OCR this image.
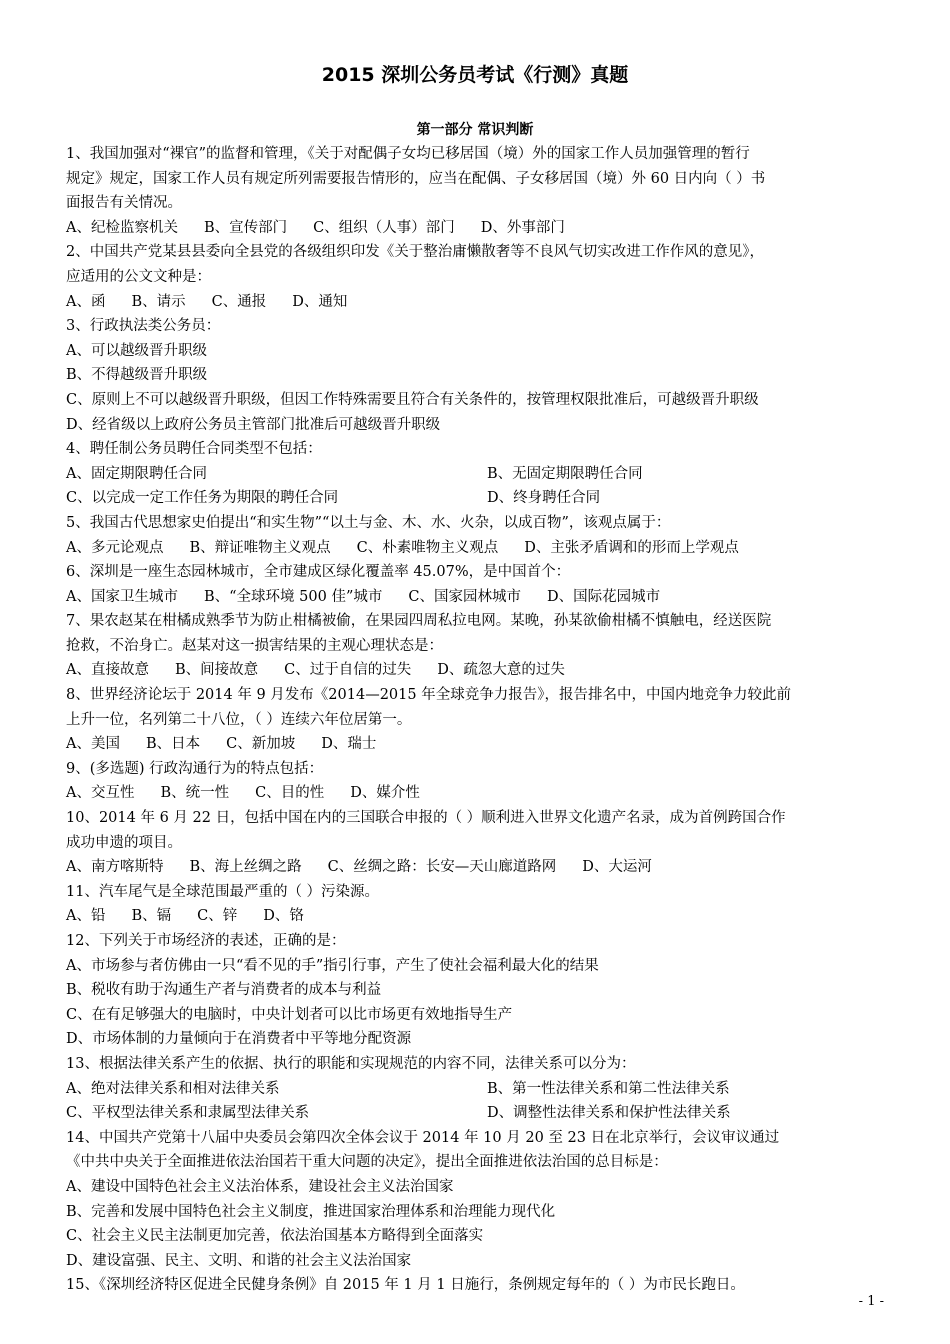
2015 深圳公务员考试《行测》真题
第一部分 常识判断
1、我国加强对“裸官”的监督和管理，《关于对配偶子女均已移居国（境）外的国家工作人员加强管理的暂行
规定》规定，国家工作人员有规定所列需要报告情形的，应当在配偶、子女移居国（境）外 60 日内向（ ）书
面报告有关情况。
A、纪检监察机关 B、宣传部门 C、组织（人事）部门 D、外事部门
2、中国共产党某县县委向全县党的各级组织印发《关于整治庸懒散奢等不良风气切实改进工作作风的意见》，
应适用的公文文种是：
A、函 B、请示 C、通报 D、通知
3、行政执法类公务员：
A、可以越级晋升职级
B、不得越级晋升职级
C、原则上不可以越级晋升职级，但因工作特殊需要且符合有关条件的，按管理权限批准后，可越级晋升职级
D、经省级以上政府公务员主管部门批准后可越级晋升职级
4、聘任制公务员聘任合同类型不包括：
A、固定期限聘任合同	B、无固定期限聘任合同
C、以完成一定工作任务为期限的聘任合同	D、终身聘任合同
5、我国古代思想家史伯提出“和实生物”“以土与金、木、水、火杂，以成百物”，该观点属于：
A、多元论观点 B、辩证唯物主义观点 C、朴素唯物主义观点 D、主张矛盾调和的形而上学观点
6、深圳是一座生态园林城市，全市建成区绿化覆盖率 45.07%，是中国首个：
A、国家卫生城市 B、“全球环境 500 佳”城市 C、国家园林城市 D、国际花园城市
7、果农赵某在柑橘成熟季节为防止柑橘被偷，在果园四周私拉电网。某晚，孙某欲偷柑橘不慎触电，经送医院
抢救，不治身亡。赵某对这一损害结果的主观心理状态是：
A、直接故意 B、间接故意 C、过于自信的过失 D、疏忽大意的过失
8、世界经济论坛于 2014 年 9 月发布《2014—2015 年全球竞争力报告》，报告排名中，中国内地竞争力较此前
上升一位，名列第二十八位，（ ）连续六年位居第一。
A、美国 B、日本 C、新加坡 D、瑞士
9、(多选题) 行政沟通行为的特点包括：
A、交互性 B、统一性 C、目的性 D、媒介性
10、2014 年 6 月 22 日，包括中国在内的三国联合申报的（ ）顺利进入世界文化遗产名录，成为首例跨国合作
成功申遗的项目。
A、南方喀斯特 B、海上丝绸之路 C、丝绸之路：长安—天山廊道路网 D、大运河
11、汽车尾气是全球范围最严重的（ ）污染源。
A、铅 B、镉 C、锌 D、铬
12、下列关于市场经济的表述，正确的是：
A、市场参与者仿佛由一只“看不见的手”指引行事，产生了使社会福利最大化的结果
B、税收有助于沟通生产者与消费者的成本与利益
C、在有足够强大的电脑时，中央计划者可以比市场更有效地指导生产
D、市场体制的力量倾向于在消费者中平等地分配资源
13、根据法律关系产生的依据、执行的职能和实现规范的内容不同，法律关系可以分为：
A、绝对法律关系和相对法律关系	B、第一性法律关系和第二性法律关系
C、平权型法律关系和隶属型法律关系	D、调整性法律关系和保护性法律关系
14、中国共产党第十八届中央委员会第四次全体会议于 2014 年 10 月 20 至 23 日在北京举行，会议审议通过
《中共中央关于全面推进依法治国若干重大问题的决定》，提出全面推进依法治国的总目标是：
A、建设中国特色社会主义法治体系，建设社会主义法治国家
B、完善和发展中国特色社会主义制度，推进国家治理体系和治理能力现代化
C、社会主义民主法制更加完善，依法治国基本方略得到全面落实
D、建设富强、民主、文明、和谐的社会主义法治国家
15、《深圳经济特区促进全民健身条例》自 2015 年 1 月 1 日施行，条例规定每年的（ ）为市民长跑日。
- 1 -
